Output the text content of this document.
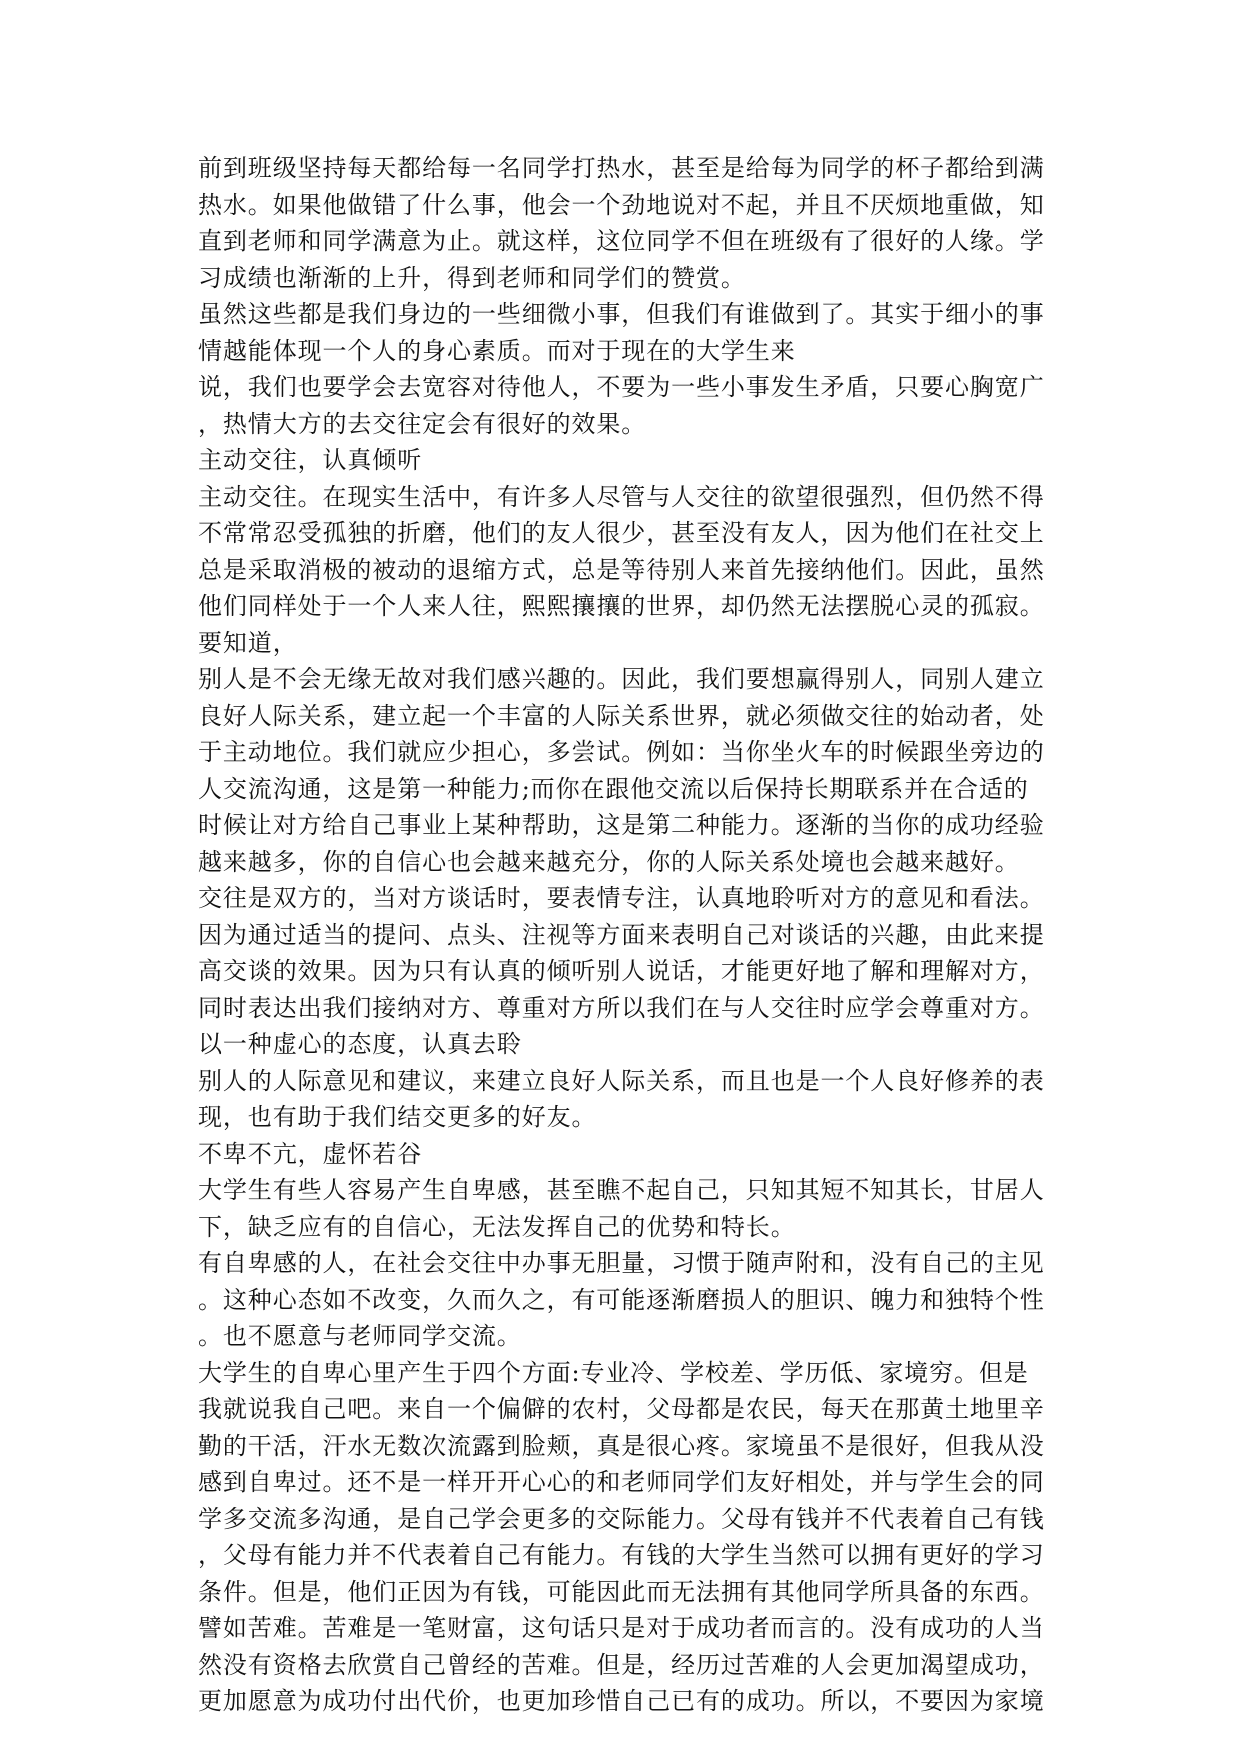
前到班级坚持每天都给每一名同学打热水，甚至是给每为同学的杯子都给到满
热水。如果他做错了什么事，他会一个劲地说对不起，并且不厌烦地重做，知
直到老师和同学满意为止。就这样，这位同学不但在班级有了很好的人缘。学
习成绩也渐渐的上升，得到老师和同学们的赞赏。
虽然这些都是我们身边的一些细微小事，但我们有谁做到了。其实于细小的事
情越能体现一个人的身心素质。而对于现在的大学生来
说，我们也要学会去宽容对待他人，不要为一些小事发生矛盾，只要心胸宽广
，热情大方的去交往定会有很好的效果。
主动交往，认真倾听
主动交往。在现实生活中，有许多人尽管与人交往的欲望很强烈，但仍然不得
不常常忍受孤独的折磨，他们的友人很少，甚至没有友人，因为他们在社交上
总是采取消极的被动的退缩方式，总是等待别人来首先接纳他们。因此，虽然
他们同样处于一个人来人往，熙熙攘攘的世界，却仍然无法摆脱心灵的孤寂。
要知道，
别人是不会无缘无故对我们感兴趣的。因此，我们要想赢得别人，同别人建立
良好人际关系，建立起一个丰富的人际关系世界，就必须做交往的始动者，处
于主动地位。我们就应少担心，多尝试。例如：当你坐火车的时候跟坐旁边的
人交流沟通，这是第一种能力;而你在跟他交流以后保持长期联系并在合适的
时候让对方给自己事业上某种帮助，这是第二种能力。逐渐的当你的成功经验
越来越多，你的自信心也会越来越充分，你的人际关系处境也会越来越好。
交往是双方的，当对方谈话时，要表情专注，认真地聆听对方的意见和看法。
因为通过适当的提问、点头、注视等方面来表明自己对谈话的兴趣，由此来提
高交谈的效果。因为只有认真的倾听别人说话，才能更好地了解和理解对方，
同时表达出我们接纳对方、尊重对方所以我们在与人交往时应学会尊重对方。
以一种虚心的态度，认真去聆
别人的人际意见和建议，来建立良好人际关系，而且也是一个人良好修养的表
现，也有助于我们结交更多的好友。
不卑不亢，虚怀若谷
大学生有些人容易产生自卑感，甚至瞧不起自己，只知其短不知其长，甘居人
下，缺乏应有的自信心，无法发挥自己的优势和特长。
有自卑感的人，在社会交往中办事无胆量，习惯于随声附和，没有自己的主见
。这种心态如不改变，久而久之，有可能逐渐磨损人的胆识、魄力和独特个性
。也不愿意与老师同学交流。
大学生的自卑心里产生于四个方面:专业冷、学校差、学历低、家境穷。但是
我就说我自己吧。来自一个偏僻的农村，父母都是农民，每天在那黄土地里辛
勤的干活，汗水无数次流露到脸颊，真是很心疼。家境虽不是很好，但我从没
感到自卑过。还不是一样开开心心的和老师同学们友好相处，并与学生会的同
学多交流多沟通，是自己学会更多的交际能力。父母有钱并不代表着自己有钱
，父母有能力并不代表着自己有能力。有钱的大学生当然可以拥有更好的学习
条件。但是，他们正因为有钱，可能因此而无法拥有其他同学所具备的东西。
譬如苦难。苦难是一笔财富，这句话只是对于成功者而言的。没有成功的人当
然没有资格去欣赏自己曾经的苦难。但是，经历过苦难的人会更加渴望成功，
更加愿意为成功付出代价，也更加珍惜自己已有的成功。所以，不要因为家境
